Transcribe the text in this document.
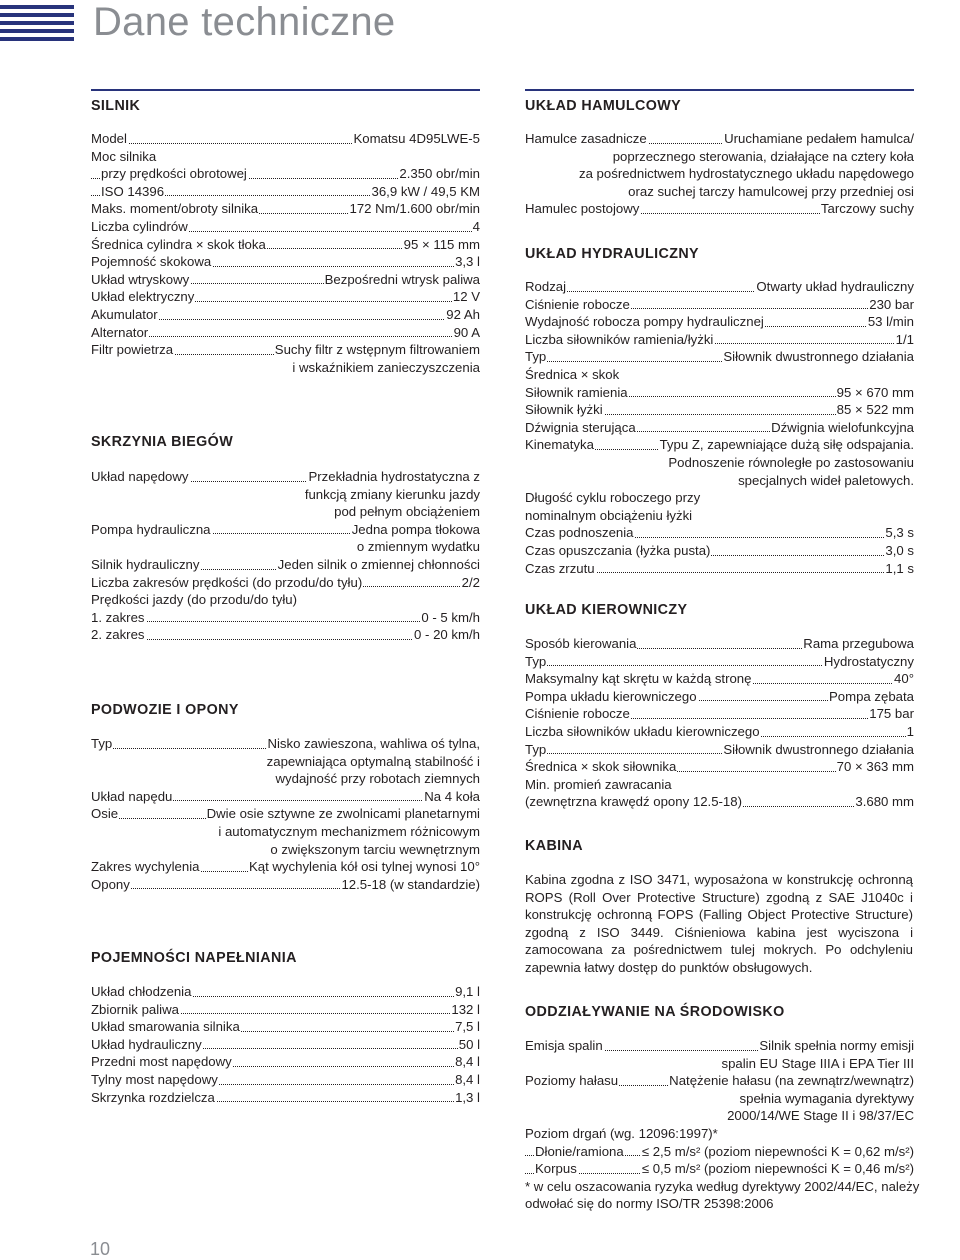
Dane techniczne
SILNIK
Model	Komatsu 4D95LWE-5
Moc silnika
przy prędkości obrotowej	2.350 obr/min
ISO 14396	36,9 kW / 49,5 KM
Maks. moment/obroty silnika	172 Nm/1.600 obr/min
Liczba cylindrów	4
Średnica cylindra × skok tłoka	95 × 115 mm
Pojemność skokowa	3,3 l
Układ wtryskowy	Bezpośredni wtrysk paliwa
Układ elektryczny	12 V
Akumulator	92 Ah
Alternator	90 A
Filtr powietrza	Suchy filtr z wstępnym filtrowaniem
i wskaźnikiem zanieczyszczenia
SKRZYNIA BIEGÓW
Układ napędowy	Przekładnia hydrostatyczna z
funkcją zmiany kierunku jazdy
pod pełnym obciążeniem
Pompa hydrauliczna	Jedna pompa tłokowa
o zmiennym wydatku
Silnik hydrauliczny	Jeden silnik o zmiennej chłonności
Liczba zakresów prędkości (do przodu/do tyłu)	2/2
Prędkości jazdy (do przodu/do tyłu)
1. zakres	0 - 5 km/h
2. zakres	0 - 20 km/h
PODWOZIE I OPONY
Typ	Nisko zawieszona, wahliwa oś tylna,
zapewniająca optymalną stabilność i
wydajność przy robotach ziemnych
Układ napędu	Na 4 koła
Osie	Dwie osie sztywne ze zwolnicami planetarnymi
i automatycznym mechanizmem różnicowym
o zwiększonym tarciu wewnętrznym
Zakres wychylenia	Kąt wychylenia kół osi tylnej wynosi 10°
Opony	12.5-18 (w standardzie)
POJEMNOŚCI NAPEŁNIANIA
Układ chłodzenia	9,1 l
Zbiornik paliwa	132 l
Układ smarowania silnika	7,5 l
Układ hydrauliczny	50 l
Przedni most napędowy	8,4 l
Tylny most napędowy	8,4 l
Skrzynka rozdzielcza	1,3 l
UKŁAD HAMULCOWY
Hamulce zasadnicze	Uruchamiane pedałem hamulca/
poprzecznego sterowania, działające na cztery koła
za pośrednictwem hydrostatycznego układu napędowego
oraz suchej tarczy hamulcowej przy przedniej osi
Hamulec postojowy	Tarczowy suchy
UKŁAD HYDRAULICZNY
Rodzaj	Otwarty układ hydrauliczny
Ciśnienie robocze	230 bar
Wydajność robocza pompy hydraulicznej	53 l/min
Liczba siłowników ramienia/łyżki	1/1
Typ	Siłownik dwustronnego działania
Średnica × skok
Siłownik ramienia	95 × 670 mm
Siłownik łyżki	85 × 522 mm
Dźwignia sterująca	Dźwignia wielofunkcyjna
Kinematyka	Typu Z, zapewniające dużą siłę odspajania.
Podnoszenie równoległe po zastosowaniu
specjalnych wideł paletowych.
Długość cyklu roboczego przy
nominalnym obciążeniu łyżki
Czas podnoszenia	5,3 s
Czas opuszczania (łyżka pusta)	3,0 s
Czas zrzutu	1,1 s
UKŁAD KIEROWNICZY
Sposób kierowania	Rama przegubowa
Typ	Hydrostatyczny
Maksymalny kąt skrętu w każdą stronę	40°
Pompa układu kierowniczego	Pompa zębata
Ciśnienie robocze	175 bar
Liczba siłowników układu kierowniczego	1
Typ	Siłownik dwustronnego działania
Średnica × skok siłownika	70 × 363 mm
Min. promień zawracania
(zewnętrzna krawędź opony 12.5-18)	3.680 mm
KABINA
Kabina zgodna z ISO 3471, wyposażona w konstrukcję ochronną ROPS (Roll Over Protective Structure) zgodną z SAE J1040c i konstrukcję ochronną FOPS (Falling Object Protective Structure) zgodną z ISO 3449. Ciśnieniowa kabina jest wyciszona i zamocowana za pośrednictwem tulej mokrych. Po odchyleniu zapewnia łatwy dostęp do punktów obsługowych.
ODDZIAŁYWANIE NA ŚRODOWISKO
Emisja spalin	Silnik spełnia normy emisji
spalin EU Stage IIIA i EPA Tier III
Poziomy hałasu	Natężenie hałasu (na zewnątrz/wewnątrz)
spełnia wymagania dyrektywy
2000/14/WE Stage II i 98/37/EC
Poziom drgań (wg. 12096:1997)*
Dłonie/ramiona ≤ 2,5 m/s² (poziom niepewności K = 0,62 m/s²)
Korpus	≤ 0,5 m/s² (poziom niepewności K = 0,46 m/s²)
* w celu oszacowania ryzyka według dyrektywy 2002/44/EC, należy
odwołać się do normy ISO/TR 25398:2006
10
